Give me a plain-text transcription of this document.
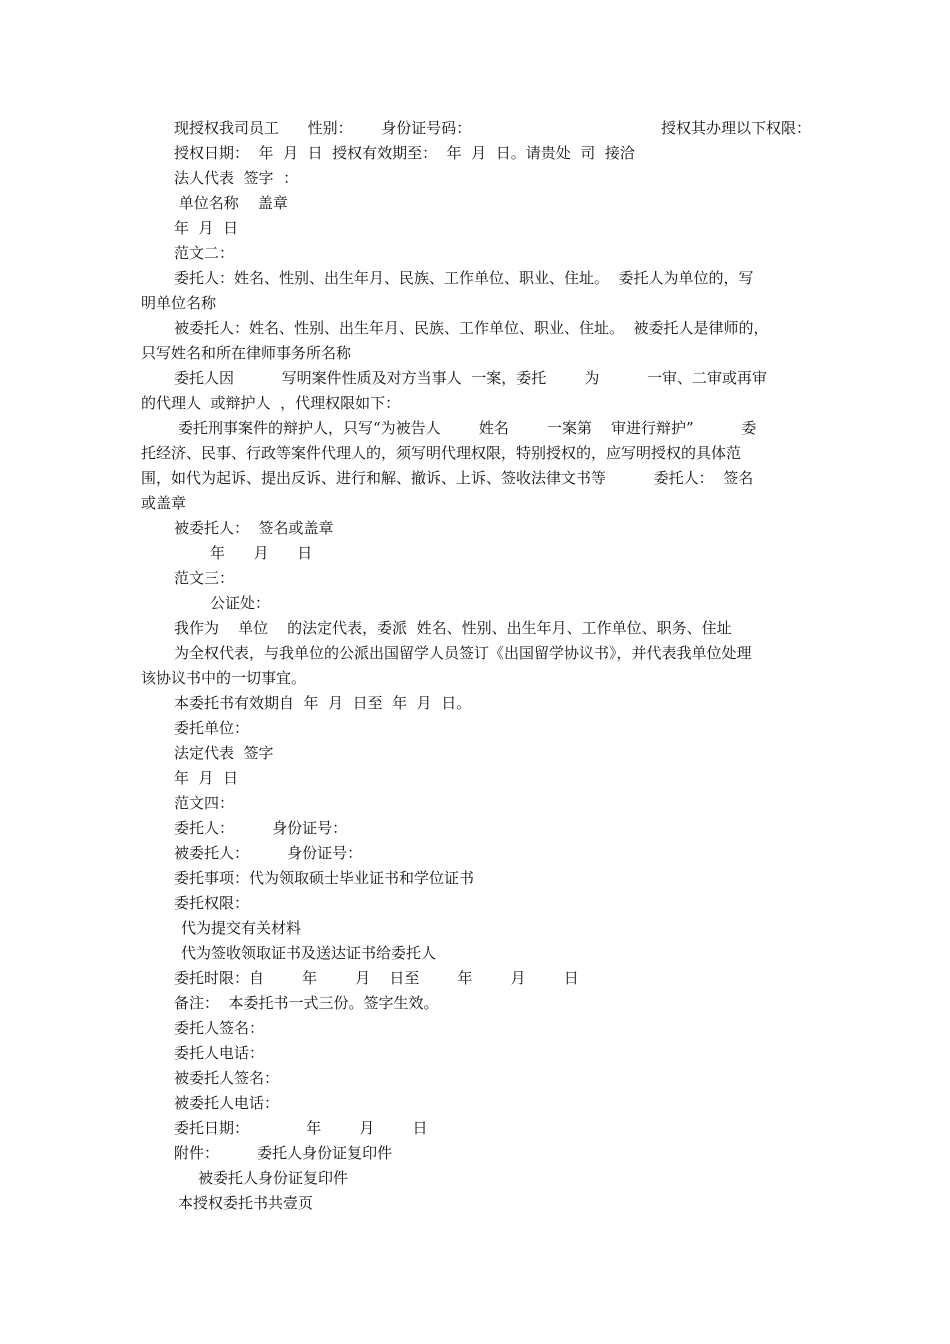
现授权我司员工      性别：      身份证号码：	授权其办理以下权限：
授权日期：  年  月  日  授权有效期至：  年  月  日。请贵处  司  接洽
法人代表  签字  ：
单位名称    盖章
年  月  日
范文二：
委托人：姓名、性别、出生年月、民族、工作单位、职业、住址。  委托人为单位的，写
明单位名称
被委托人：姓名、性别、出生年月、民族、工作单位、职业、住址。  被委托人是律师的，
只写姓名和所在律师事务所名称
委托人因          写明案件性质及对方当事人  一案，委托        为          一审、二审或再审
的代理人  或辩护人  ，代理权限如下：
委托刑事案件的辩护人，只写“为被告人        姓名        一案第    审进行辩护”          委
托经济、民事、行政等案件代理人的，须写明代理权限，特别授权的，应写明授权的具体范
围，如代为起诉、提出反诉、进行和解、撤诉、上诉、签收法律文书等          委托人：  签名
或盖章
被委托人：  签名或盖章
年      月      日
范文三：
公证处：
我作为    单位    的法定代表，委派  姓名、性别、出生年月、工作单位、职务、住址
为全权代表，与我单位的公派出国留学人员签订《出国留学协议书》，并代表我单位处理
该协议书中的一切事宜。
本委托书有效期自  年  月  日至  年  月  日。
委托单位：
法定代表  签字
年  月  日
范文四：
委托人：        身份证号：
被委托人：        身份证号：
委托事项：代为领取硕士毕业证书和学位证书
委托权限：
代为提交有关材料
代为签收领取证书及送达证书给委托人
委托时限：自        年        月    日至        年        月        日
备注：  本委托书一式三份。签字生效。
委托人签名：
委托人电话：
被委托人签名：
被委托人电话：
委托日期：            年        月        日
附件：        委托人身份证复印件
被委托人身份证复印件
本授权委托书共壹页
